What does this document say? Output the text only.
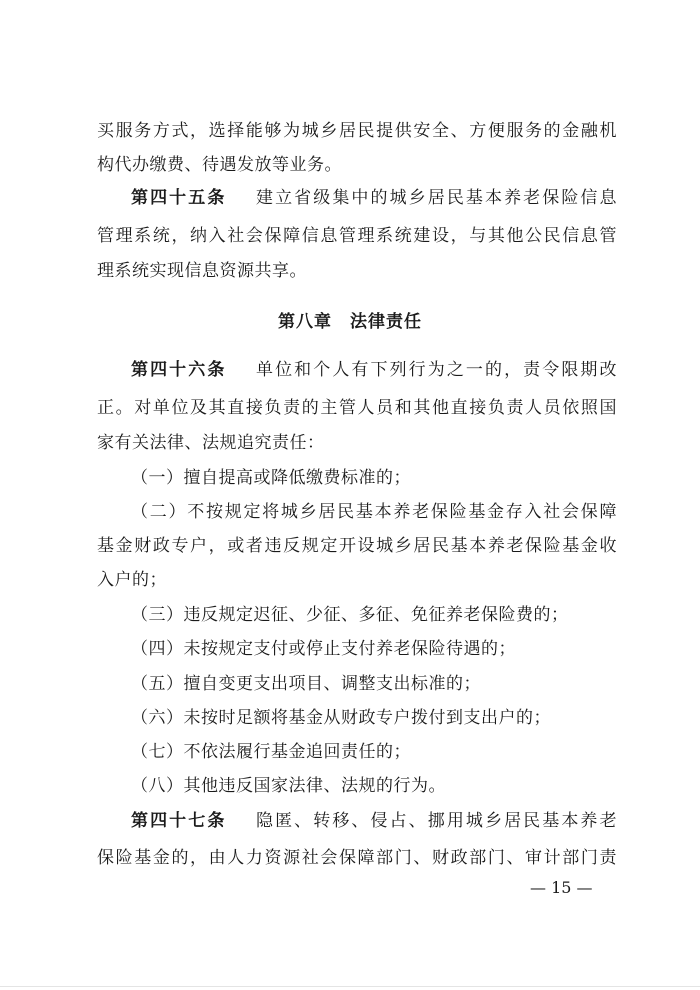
买服务方式，选择能够为城乡居民提供安全、方便服务的金融机
构代办缴费、待遇发放等业务。
第四十五条 建立省级集中的城乡居民基本养老保险信息
管理系统，纳入社会保障信息管理系统建设，与其他公民信息管
理系统实现信息资源共享。
第八章　法律责任
第四十六条 单位和个人有下列行为之一的，责令限期改
正。对单位及其直接负责的主管人员和其他直接负责人员依照国
家有关法律、法规追究责任：
（一）擅自提高或降低缴费标准的；
（二）不按规定将城乡居民基本养老保险基金存入社会保障
基金财政专户，或者违反规定开设城乡居民基本养老保险基金收
入户的；
（三）违反规定迟征、少征、多征、免征养老保险费的；
（四）未按规定支付或停止支付养老保险待遇的；
（五）擅自变更支出项目、调整支出标准的；
（六）未按时足额将基金从财政专户拨付到支出户的；
（七）不依法履行基金追回责任的；
（八）其他违反国家法律、法规的行为。
第四十七条 隐匿、转移、侵占、挪用城乡居民基本养老
保险基金的，由人力资源社会保障部门、财政部门、审计部门责
— 15 —
